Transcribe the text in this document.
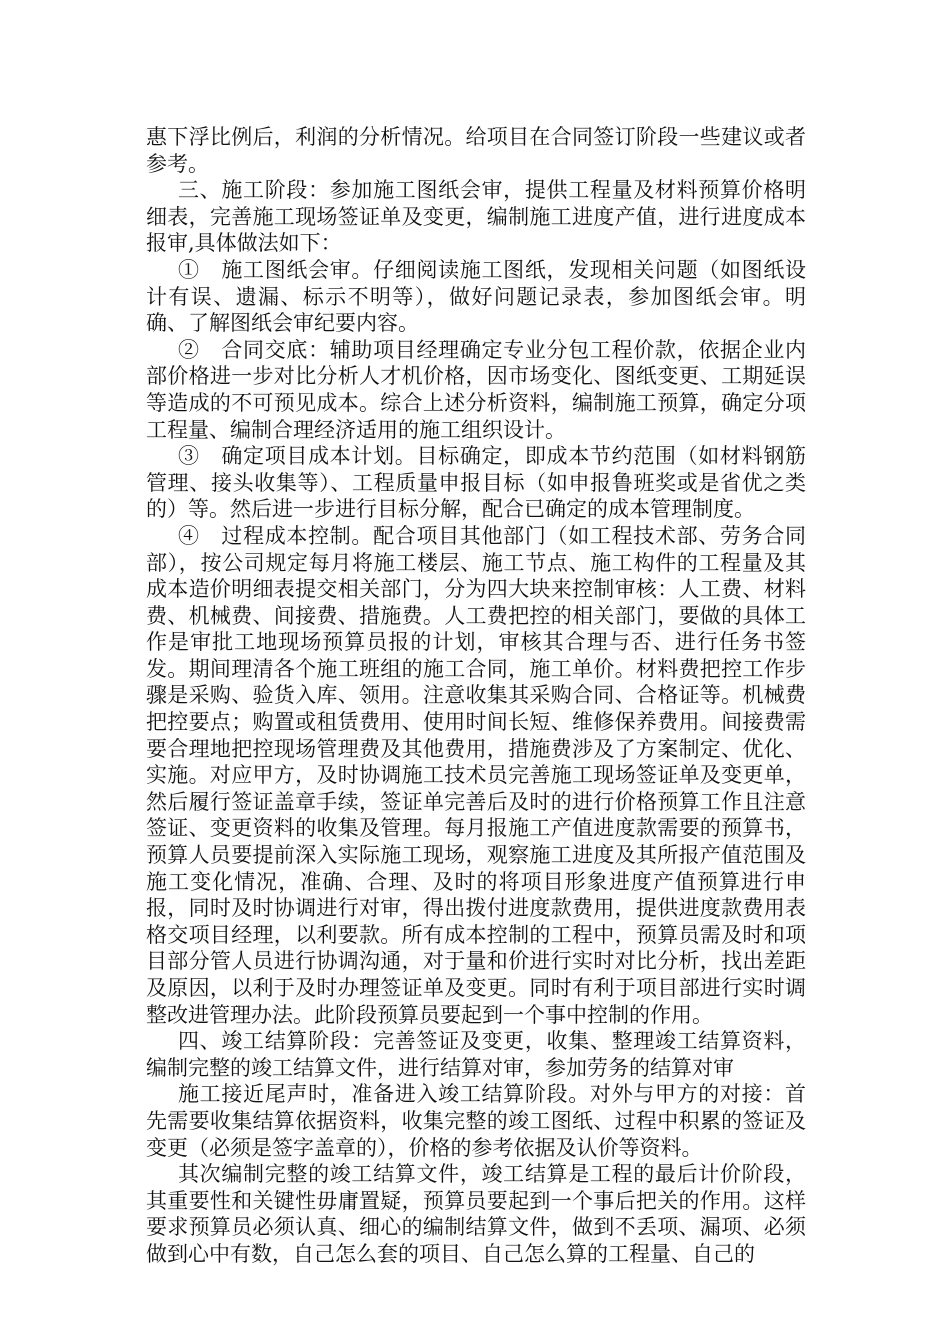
惠下浮比例后，利润的分析情况。给项目在合同签订阶段一些建议或者参考。

三、施工阶段：参加施工图纸会审，提供工程量及材料预算价格明细表，完善施工现场签证单及变更，编制施工进度产值，进行进度成本报审,具体做法如下：

①　施工图纸会审。仔细阅读施工图纸，发现相关问题（如图纸设计有误、遗漏、标示不明等），做好问题记录表，参加图纸会审。明确、了解图纸会审纪要内容。

②　合同交底：辅助项目经理确定专业分包工程价款，依据企业内部价格进一步对比分析人才机价格，因市场变化、图纸变更、工期延误等造成的不可预见成本。综合上述分析资料，编制施工预算，确定分项工程量、编制合理经济适用的施工组织设计。

③　确定项目成本计划。目标确定，即成本节约范围（如材料钢筋管理、接头收集等）、工程质量申报目标（如申报鲁班奖或是省优之类的）等。然后进一步进行目标分解，配合已确定的成本管理制度。

④　过程成本控制。配合项目其他部门（如工程技术部、劳务合同部），按公司规定每月将施工楼层、施工节点、施工构件的工程量及其成本造价明细表提交相关部门，分为四大块来控制审核：人工费、材料费、机械费、间接费、措施费。人工费把控的相关部门，要做的具体工作是审批工地现场预算员报的计划，审核其合理与否、进行任务书签发。期间理清各个施工班组的施工合同，施工单价。材料费把控工作步骤是采购、验货入库、领用。注意收集其采购合同、合格证等。机械费把控要点；购置或租赁费用、使用时间长短、维修保养费用。间接费需要合理地把控现场管理费及其他费用，措施费涉及了方案制定、优化、实施。对应甲方，及时协调施工技术员完善施工现场签证单及变更单，然后履行签证盖章手续，签证单完善后及时的进行价格预算工作且注意签证、变更资料的收集及管理。每月报施工产值进度款需要的预算书，预算人员要提前深入实际施工现场，观察施工进度及其所报产值范围及施工变化情况，准确、合理、及时的将项目形象进度产值预算进行申报，同时及时协调进行对审，得出拨付进度款费用，提供进度款费用表格交项目经理，以利要款。所有成本控制的工程中，预算员需及时和项目部分管人员进行协调沟通，对于量和价进行实时对比分析，找出差距及原因，以利于及时办理签证单及变更。同时有利于项目部进行实时调整改进管理办法。此阶段预算员要起到一个事中控制的作用。

四、竣工结算阶段：完善签证及变更，收集、整理竣工结算资料，编制完整的竣工结算文件，进行结算对审，参加劳务的结算对审

施工接近尾声时，准备进入竣工结算阶段。对外与甲方的对接：首先需要收集结算依据资料，收集完整的竣工图纸、过程中积累的签证及变更（必须是签字盖章的），价格的参考依据及认价等资料。

其次编制完整的竣工结算文件，竣工结算是工程的最后计价阶段，其重要性和关键性毋庸置疑，预算员要起到一个事后把关的作用。这样要求预算员必须认真、细心的编制结算文件，做到不丢项、漏项、必须做到心中有数，自己怎么套的项目、自己怎么算的工程量、自己的
